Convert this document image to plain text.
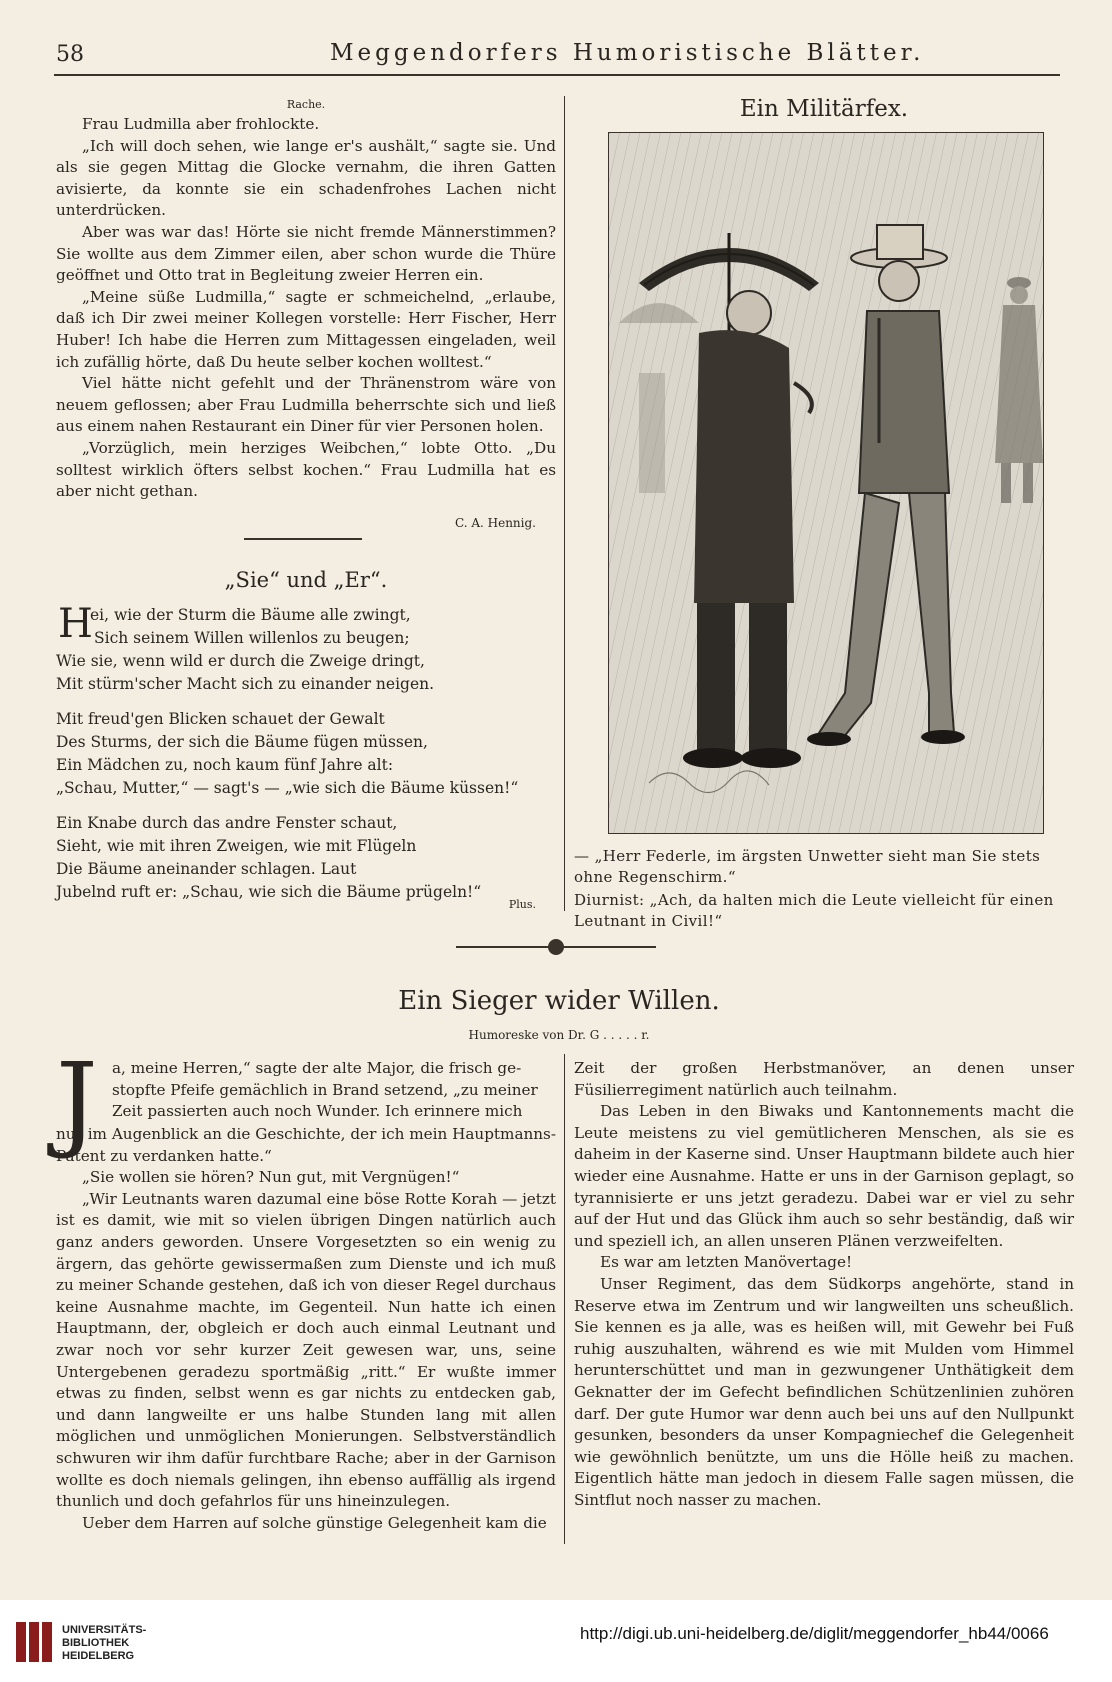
58	Meggendorfers Humoristische Blätter.
Rache.

Frau Ludmilla aber frohlockte.

„Ich will doch sehen, wie lange er's aushält,“ sagte sie. Und als sie gegen Mittag die Glocke vernahm, die ihren Gatten avisierte, da konnte sie ein schadenfrohes Lachen nicht unterdrücken.

Aber was war das! Hörte sie nicht fremde Männerstimmen? Sie wollte aus dem Zimmer eilen, aber schon wurde die Thüre geöffnet und Otto trat in Begleitung zweier Herren ein.

„Meine süße Ludmilla,“ sagte er schmeichelnd, „erlaube, daß ich Dir zwei meiner Kollegen vorstelle: Herr Fischer, Herr Huber! Ich habe die Herren zum Mittagessen eingeladen, weil ich zufällig hörte, daß Du heute selber kochen wolltest.“

Viel hätte nicht gefehlt und der Thränenstrom wäre von neuem geflossen; aber Frau Ludmilla beherrschte sich und ließ aus einem nahen Restaurant ein Diner für vier Personen holen.

„Vorzüglich, mein herziges Weibchen,“ lobte Otto. „Du solltest wirklich öfters selbst kochen.“ Frau Ludmilla hat es aber nicht gethan.

C. A. Hennig.
„Sie“ und „Er“.
H
ei, wie der Sturm die Bäume alle zwingt,
Sich seinem Willen willenlos zu beugen;
Wie sie, wenn wild er durch die Zweige dringt,
Mit stürm'scher Macht sich zu einander neigen.
Mit freud'gen Blicken schauet der Gewalt
Des Sturms, der sich die Bäume fügen müssen,
Ein Mädchen zu, noch kaum fünf Jahre alt:
„Schau, Mutter,“ — sagt's — „wie sich die Bäume küssen!“
Ein Knabe durch das andre Fenster schaut,
Sieht, wie mit ihren Zweigen, wie mit Flügeln
Die Bäume aneinander schlagen. Laut
Jubelnd ruft er: „Schau, wie sich die Bäume prügeln!“
Plus.
Ein Militärfex.
— „Herr Federle, im ärgsten Unwetter sieht man Sie stets ohne Regenschirm.“
Diurnist: „Ach, da halten mich die Leute vielleicht für einen Leutnant in Civil!“
Ein Sieger wider Willen.
Humoreske von Dr. G . . . . . r.
J a, meine Herren,“ sagte der alte Major, die frisch ge-
stopfte Pfeife gemächlich in Brand setzend, „zu meiner
Zeit passierten auch noch Wunder. Ich erinnere mich

nur im Augenblick an die Geschichte, der ich mein Hauptmanns-Patent zu verdanken hatte.“

„Sie wollen sie hören? Nun gut, mit Vergnügen!“

„Wir Leutnants waren dazumal eine böse Rotte Korah — jetzt ist es damit, wie mit so vielen übrigen Dingen natürlich auch ganz anders geworden. Unsere Vorgesetzten so ein wenig zu ärgern, das gehörte gewissermaßen zum Dienste und ich muß zu meiner Schande gestehen, daß ich von dieser Regel durchaus keine Ausnahme machte, im Gegenteil. Nun hatte ich einen Hauptmann, der, obgleich er doch auch einmal Leutnant und zwar noch vor sehr kurzer Zeit gewesen war, uns, seine Untergebenen geradezu sportmäßig „ritt.“ Er wußte immer etwas zu finden, selbst wenn es gar nichts zu entdecken gab, und dann langweilte er uns halbe Stunden lang mit allen möglichen und unmöglichen Monierungen. Selbstverständlich schwuren wir ihm dafür furchtbare Rache; aber in der Garnison wollte es doch niemals gelingen, ihn ebenso auffällig als irgend thunlich und doch gefahrlos für uns hineinzulegen.

Ueber dem Harren auf solche günstige Gelegenheit kam die

Zeit der großen Herbstmanöver, an denen unser Füsilierregiment natürlich auch teilnahm.

Das Leben in den Biwaks und Kantonnements macht die Leute meistens zu viel gemütlicheren Menschen, als sie es daheim in der Kaserne sind. Unser Hauptmann bildete auch hier wieder eine Ausnahme. Hatte er uns in der Garnison geplagt, so tyrannisierte er uns jetzt geradezu. Dabei war er viel zu sehr auf der Hut und das Glück ihm auch so sehr beständig, daß wir und speziell ich, an allen unseren Plänen verzweifelten.

Es war am letzten Manövertage!

Unser Regiment, das dem Südkorps angehörte, stand in Reserve etwa im Zentrum und wir langweilten uns scheußlich. Sie kennen es ja alle, was es heißen will, mit Gewehr bei Fuß ruhig auszuhalten, während es wie mit Mulden vom Himmel herunterschüttet und man in gezwungener Unthätigkeit dem Geknatter der im Gefecht befindlichen Schützenlinien zuhören darf. Der gute Humor war denn auch bei uns auf den Nullpunkt gesunken, besonders da unser Kompagniechef die Gelegenheit wie gewöhnlich benützte, um uns die Hölle heiß zu machen. Eigentlich hätte man jedoch in diesem Falle sagen müssen, die Sintflut noch nasser zu machen.

UNIVERSITÄTS-
BIBLIOTHEK
HEIDELBERG
http://digi.ub.uni-heidelberg.de/diglit/meggendorfer_hb44/0066
